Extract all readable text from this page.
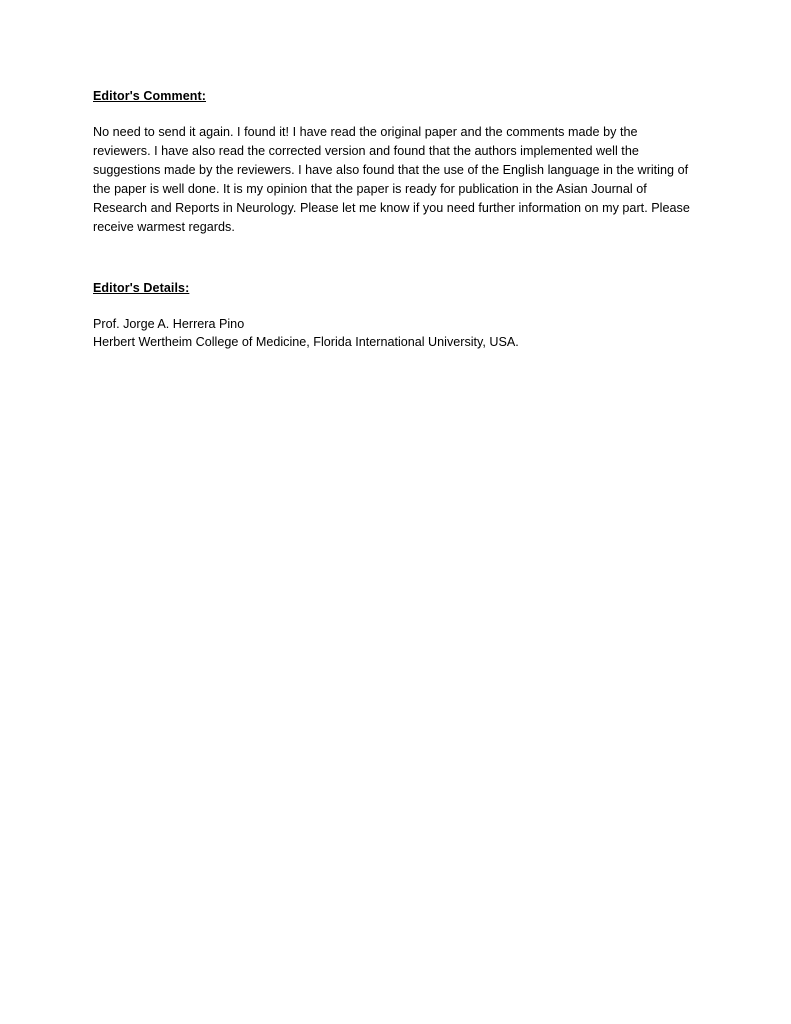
Editor's Comment:

No need to send it again. I found it! I have read the original paper and the comments made by the reviewers. I have also read the corrected version and found that the authors implemented well the suggestions made by the reviewers. I have also found that the use of the English language in the writing of the paper is well done. It is my opinion that the paper is ready for publication in the Asian Journal of Research and Reports in Neurology. Please let me know if you need further information on my part. Please receive warmest regards.

Editor's Details:

Prof. Jorge A. Herrera Pino

Herbert Wertheim College of Medicine, Florida International University, USA.
